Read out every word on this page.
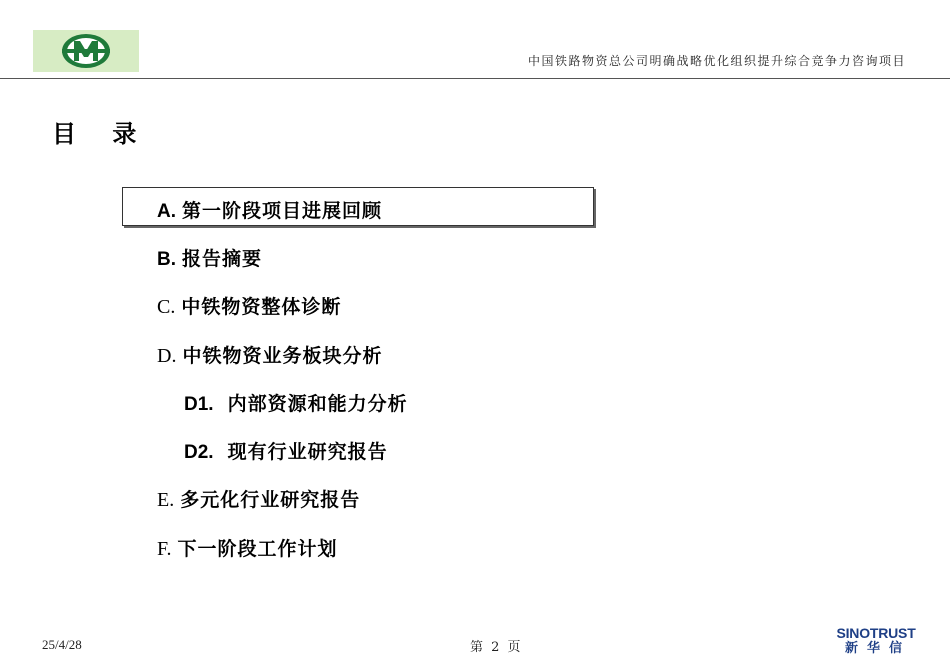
中国铁路物资总公司明确战略优化组织提升综合竞争力咨询项目
目 录
A. 第一阶段项目进展回顾
B. 报告摘要
C. 中铁物资整体诊断
D. 中铁物资业务板块分析
D1. 内部资源和能力分析
D2. 现有行业研究报告
E. 多元化行业研究报告
F. 下一阶段工作计划
25/4/28	第 2 页
SINOTRUST
新华信
